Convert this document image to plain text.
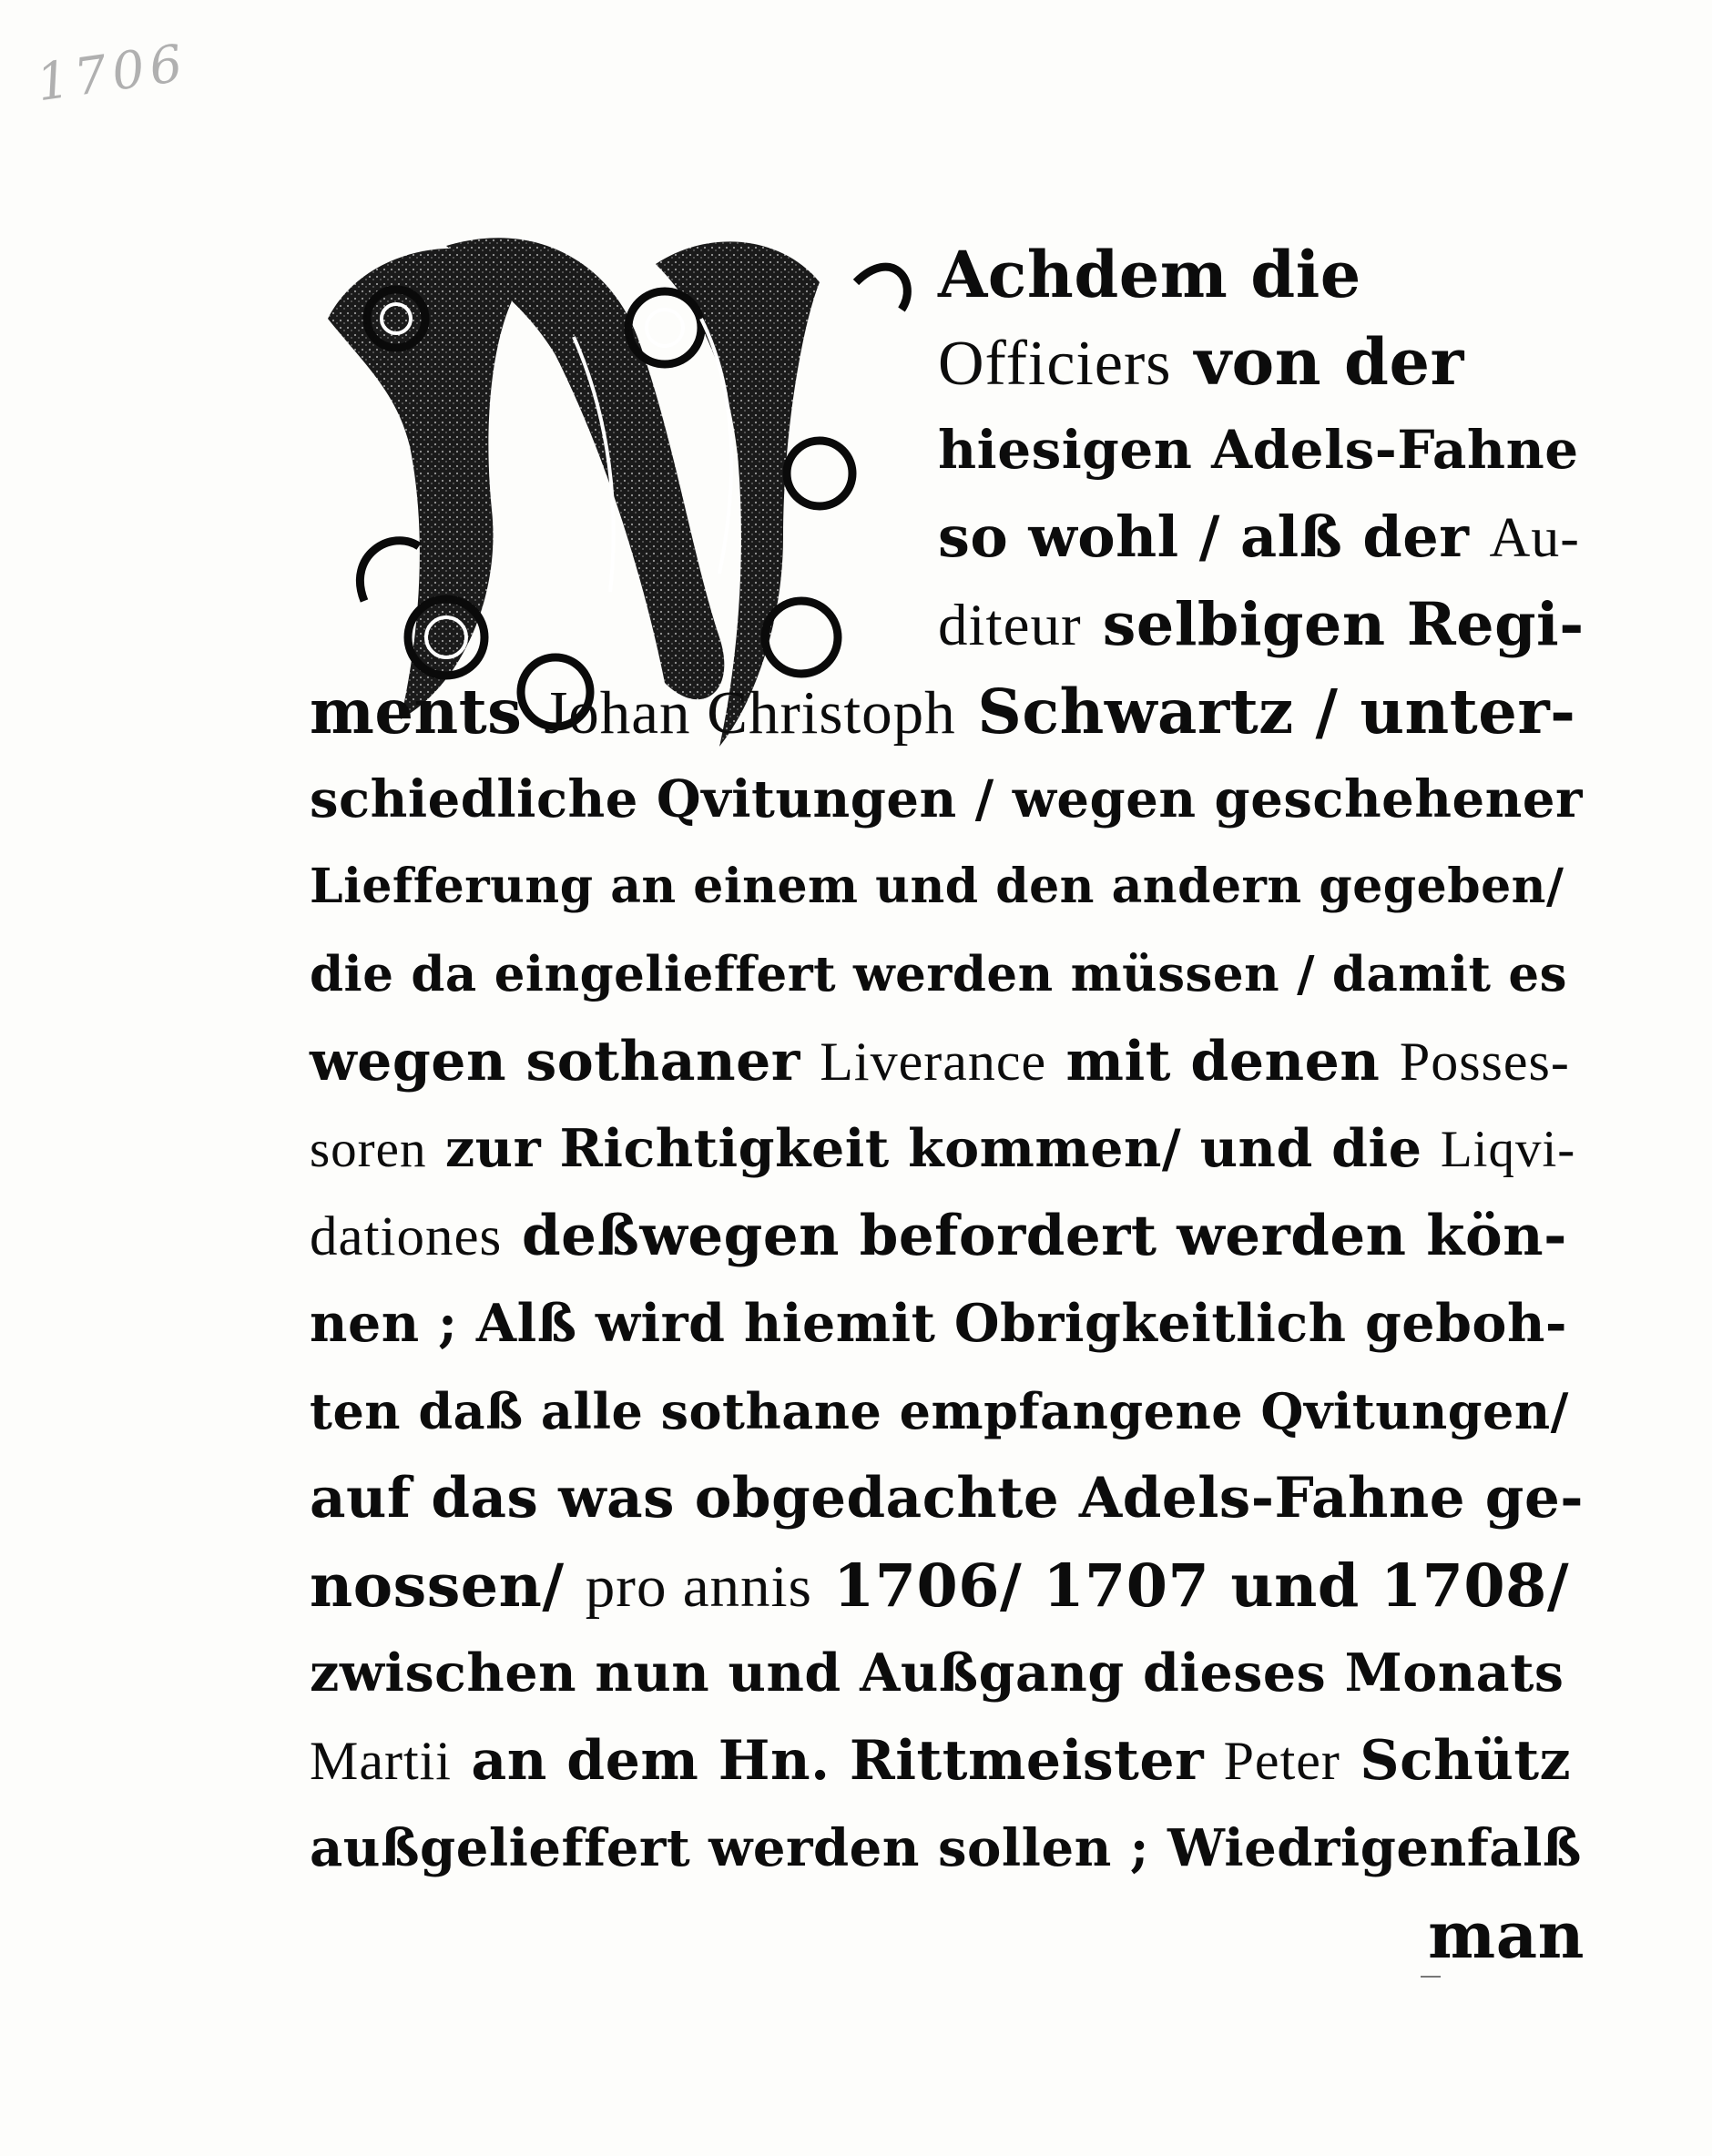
1706
Achdem die
Officiers von der
hiesigen Adels-Fahne
so wohl / alß der Au-
diteur selbigen Regi-
ments Johan Christoph Schwartz / unter-
schiedliche Qvitungen / wegen geschehener
Liefferung an einem und den andern gegeben/
die da eingelieffert werden müssen / damit es
wegen sothaner Liverance mit denen Posses-
soren zur Richtigkeit kommen/ und die Liqvi-
dationes deßwegen befordert werden kön-
nen ; Alß wird hiemit Obrigkeitlich geboh-
ten daß alle sothane empfangene Qvitungen/
auf das was obgedachte Adels-Fahne ge-
nossen/ pro annis 1706/ 1707 und 1708/
zwischen nun und Außgang dieses Monats
Martii an dem Hn. Rittmeister Peter Schütz
außgelieffert werden sollen ; Wiedrigenfalß
man
